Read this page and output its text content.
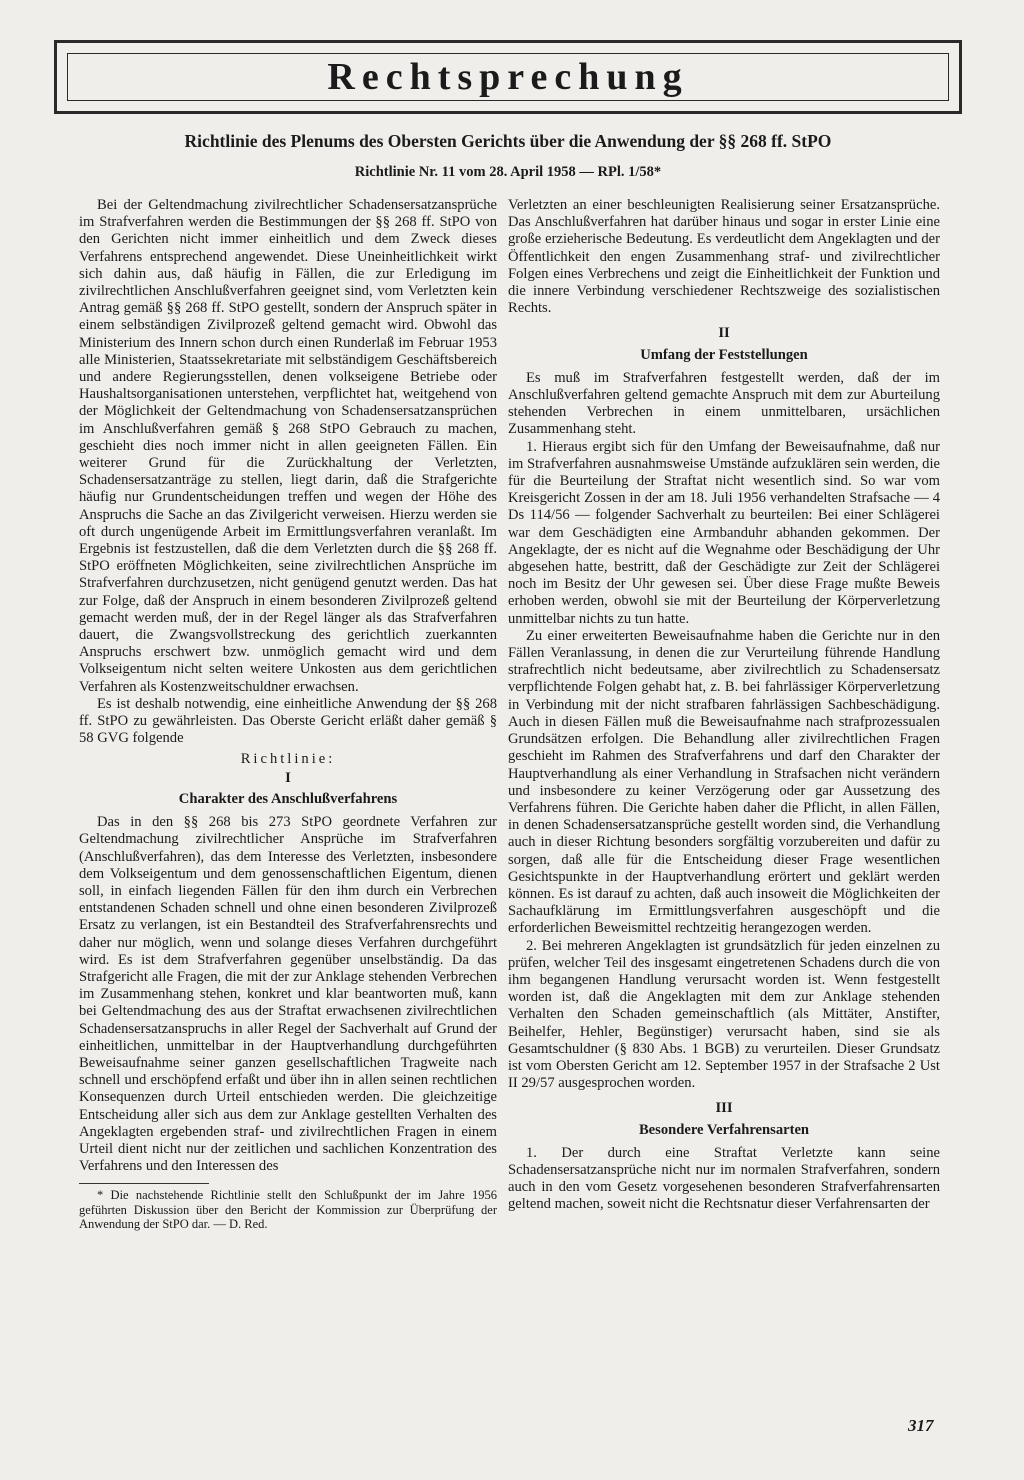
Rechtsprechung
Richtlinie des Plenums des Obersten Gerichts über die Anwendung der §§ 268 ff. StPO
Richtlinie Nr. 11 vom 28. April 1958 — RPl. 1/58*

Bei der Geltendmachung zivilrechtlicher Schadensersatzansprüche im Strafverfahren werden die Bestimmungen der §§ 268 ff. StPO von den Gerichten nicht immer einheitlich und dem Zweck dieses Verfahrens entsprechend angewendet. Diese Uneinheitlichkeit wirkt sich dahin aus, daß häufig in Fällen, die zur Erledigung im zivilrechtlichen Anschlußverfahren geeignet sind, vom Verletzten kein Antrag gemäß §§ 268 ff. StPO gestellt, sondern der Anspruch später in einem selbständigen Zivilprozeß geltend gemacht wird. Obwohl das Ministerium des Innern schon durch einen Runderlaß im Februar 1953 alle Ministerien, Staatssekretariate mit selbständigem Geschäftsbereich und andere Regierungsstellen, denen volkseigene Betriebe oder Haushaltsorganisationen unterstehen, verpflichtet hat, weitgehend von der Möglichkeit der Geltendmachung von Schadensersatzansprüchen im Anschlußverfahren gemäß § 268 StPO Gebrauch zu machen, geschieht dies noch immer nicht in allen geeigneten Fällen. Ein weiterer Grund für die Zurückhaltung der Verletzten, Schadensersatzanträge zu stellen, liegt darin, daß die Strafgerichte häufig nur Grundentscheidungen treffen und wegen der Höhe des Anspruchs die Sache an das Zivilgericht verweisen. Hierzu werden sie oft durch ungenügende Arbeit im Ermittlungsverfahren veranlaßt. Im Ergebnis ist festzustellen, daß die dem Verletzten durch die §§ 268 ff. StPO eröffneten Möglichkeiten, seine zivilrechtlichen Ansprüche im Strafverfahren durchzusetzen, nicht genügend genutzt werden. Das hat zur Folge, daß der Anspruch in einem besonderen Zivilprozeß geltend gemacht werden muß, der in der Regel länger als das Strafverfahren dauert, die Zwangsvollstreckung des gerichtlich zuerkannten Anspruchs erschwert bzw. unmöglich gemacht wird und dem Volkseigentum nicht selten weitere Unkosten aus dem gerichtlichen Verfahren als Kostenzweitschuldner erwachsen.

Es ist deshalb notwendig, eine einheitliche Anwendung der §§ 268 ff. StPO zu gewährleisten. Das Oberste Gericht erläßt daher gemäß § 58 GVG folgende

Richtlinie:

I
Charakter des Anschlußverfahrens

Das in den §§ 268 bis 273 StPO geordnete Verfahren zur Geltendmachung zivilrechtlicher Ansprüche im Strafverfahren (Anschlußverfahren), das dem Interesse des Verletzten, insbesondere dem Volkseigentum und dem genossenschaftlichen Eigentum, dienen soll, in einfach liegenden Fällen für den ihm durch ein Verbrechen entstandenen Schaden schnell und ohne einen besonderen Zivilprozeß Ersatz zu verlangen, ist ein Bestandteil des Strafverfahrensrechts und daher nur möglich, wenn und solange dieses Verfahren durchgeführt wird. Es ist dem Strafverfahren gegenüber unselbständig. Da das Strafgericht alle Fragen, die mit der zur Anklage stehenden Verbrechen im Zusammenhang stehen, konkret und klar beantworten muß, kann bei Geltendmachung des aus der Straftat erwachsenen zivilrechtlichen Schadensersatzanspruchs in aller Regel der Sachverhalt auf Grund der einheitlichen, unmittelbar in der Hauptverhandlung durchgeführten Beweisaufnahme seiner ganzen gesellschaftlichen Tragweite nach schnell und erschöpfend erfaßt und über ihn in allen seinen rechtlichen Konsequenzen durch Urteil entschieden werden. Die gleichzeitige Entscheidung aller sich aus dem zur Anklage gestellten Verhalten des Angeklagten ergebenden straf- und zivilrechtlichen Fragen in einem Urteil dient nicht nur der zeitlichen und sachlichen Konzentration des Verfahrens und den Interessen des

* Die nachstehende Richtlinie stellt den Schlußpunkt der im Jahre 1956 geführten Diskussion über den Bericht der Kommission zur Überprüfung der Anwendung der StPO dar. — D. Red.

Verletzten an einer beschleunigten Realisierung seiner Ersatzansprüche. Das Anschlußverfahren hat darüber hinaus und sogar in erster Linie eine große erzieherische Bedeutung. Es verdeutlicht dem Angeklagten und der Öffentlichkeit den engen Zusammenhang straf- und zivilrechtlicher Folgen eines Verbrechens und zeigt die Einheitlichkeit der Funktion und die innere Verbindung verschiedener Rechtszweige des sozialistischen Rechts.

II
Umfang der Feststellungen

Es muß im Strafverfahren festgestellt werden, daß der im Anschlußverfahren geltend gemachte Anspruch mit dem zur Aburteilung stehenden Verbrechen in einem unmittelbaren, ursächlichen Zusammenhang steht.

1. Hieraus ergibt sich für den Umfang der Beweisaufnahme, daß nur im Strafverfahren ausnahmsweise Umstände aufzuklären sein werden, die für die Beurteilung der Straftat nicht wesentlich sind. So war vom Kreisgericht Zossen in der am 18. Juli 1956 verhandelten Strafsache — 4 Ds 114/56 — folgender Sachverhalt zu beurteilen: Bei einer Schlägerei war dem Geschädigten eine Armbanduhr abhanden gekommen. Der Angeklagte, der es nicht auf die Wegnahme oder Beschädigung der Uhr abgesehen hatte, bestritt, daß der Geschädigte zur Zeit der Schlägerei noch im Besitz der Uhr gewesen sei. Über diese Frage mußte Beweis erhoben werden, obwohl sie mit der Beurteilung der Körperverletzung unmittelbar nichts zu tun hatte.

Zu einer erweiterten Beweisaufnahme haben die Gerichte nur in den Fällen Veranlassung, in denen die zur Verurteilung führende Handlung strafrechtlich nicht bedeutsame, aber zivilrechtlich zu Schadensersatz verpflichtende Folgen gehabt hat, z. B. bei fahrlässiger Körperverletzung in Verbindung mit der nicht strafbaren fahrlässigen Sachbeschädigung. Auch in diesen Fällen muß die Beweisaufnahme nach strafprozessualen Grundsätzen erfolgen. Die Behandlung aller zivilrechtlichen Fragen geschieht im Rahmen des Strafverfahrens und darf den Charakter der Hauptverhandlung als einer Verhandlung in Strafsachen nicht verändern und insbesondere zu keiner Verzögerung oder gar Aussetzung des Verfahrens führen. Die Gerichte haben daher die Pflicht, in allen Fällen, in denen Schadensersatzansprüche gestellt worden sind, die Verhandlung auch in dieser Richtung besonders sorgfältig vorzubereiten und dafür zu sorgen, daß alle für die Entscheidung dieser Frage wesentlichen Gesichtspunkte in der Hauptverhandlung erörtert und geklärt werden können. Es ist darauf zu achten, daß auch insoweit die Möglichkeiten der Sachaufklärung im Ermittlungsverfahren ausgeschöpft und die erforderlichen Beweismittel rechtzeitig herangezogen werden.

2. Bei mehreren Angeklagten ist grundsätzlich für jeden einzelnen zu prüfen, welcher Teil des insgesamt eingetretenen Schadens durch die von ihm begangenen Handlung verursacht worden ist. Wenn festgestellt worden ist, daß die Angeklagten mit dem zur Anklage stehenden Verhalten den Schaden gemeinschaftlich (als Mittäter, Anstifter, Beihelfer, Hehler, Begünstiger) verursacht haben, sind sie als Gesamtschuldner (§ 830 Abs. 1 BGB) zu verurteilen. Dieser Grundsatz ist vom Obersten Gericht am 12. September 1957 in der Strafsache 2 Ust II 29/57 ausgesprochen worden.

III
Besondere Verfahrensarten

1. Der durch eine Straftat Verletzte kann seine Schadensersatzansprüche nicht nur im normalen Strafverfahren, sondern auch in den vom Gesetz vorgesehenen besonderen Strafverfahrensarten geltend machen, soweit nicht die Rechtsnatur dieser Verfahrensarten der

317
